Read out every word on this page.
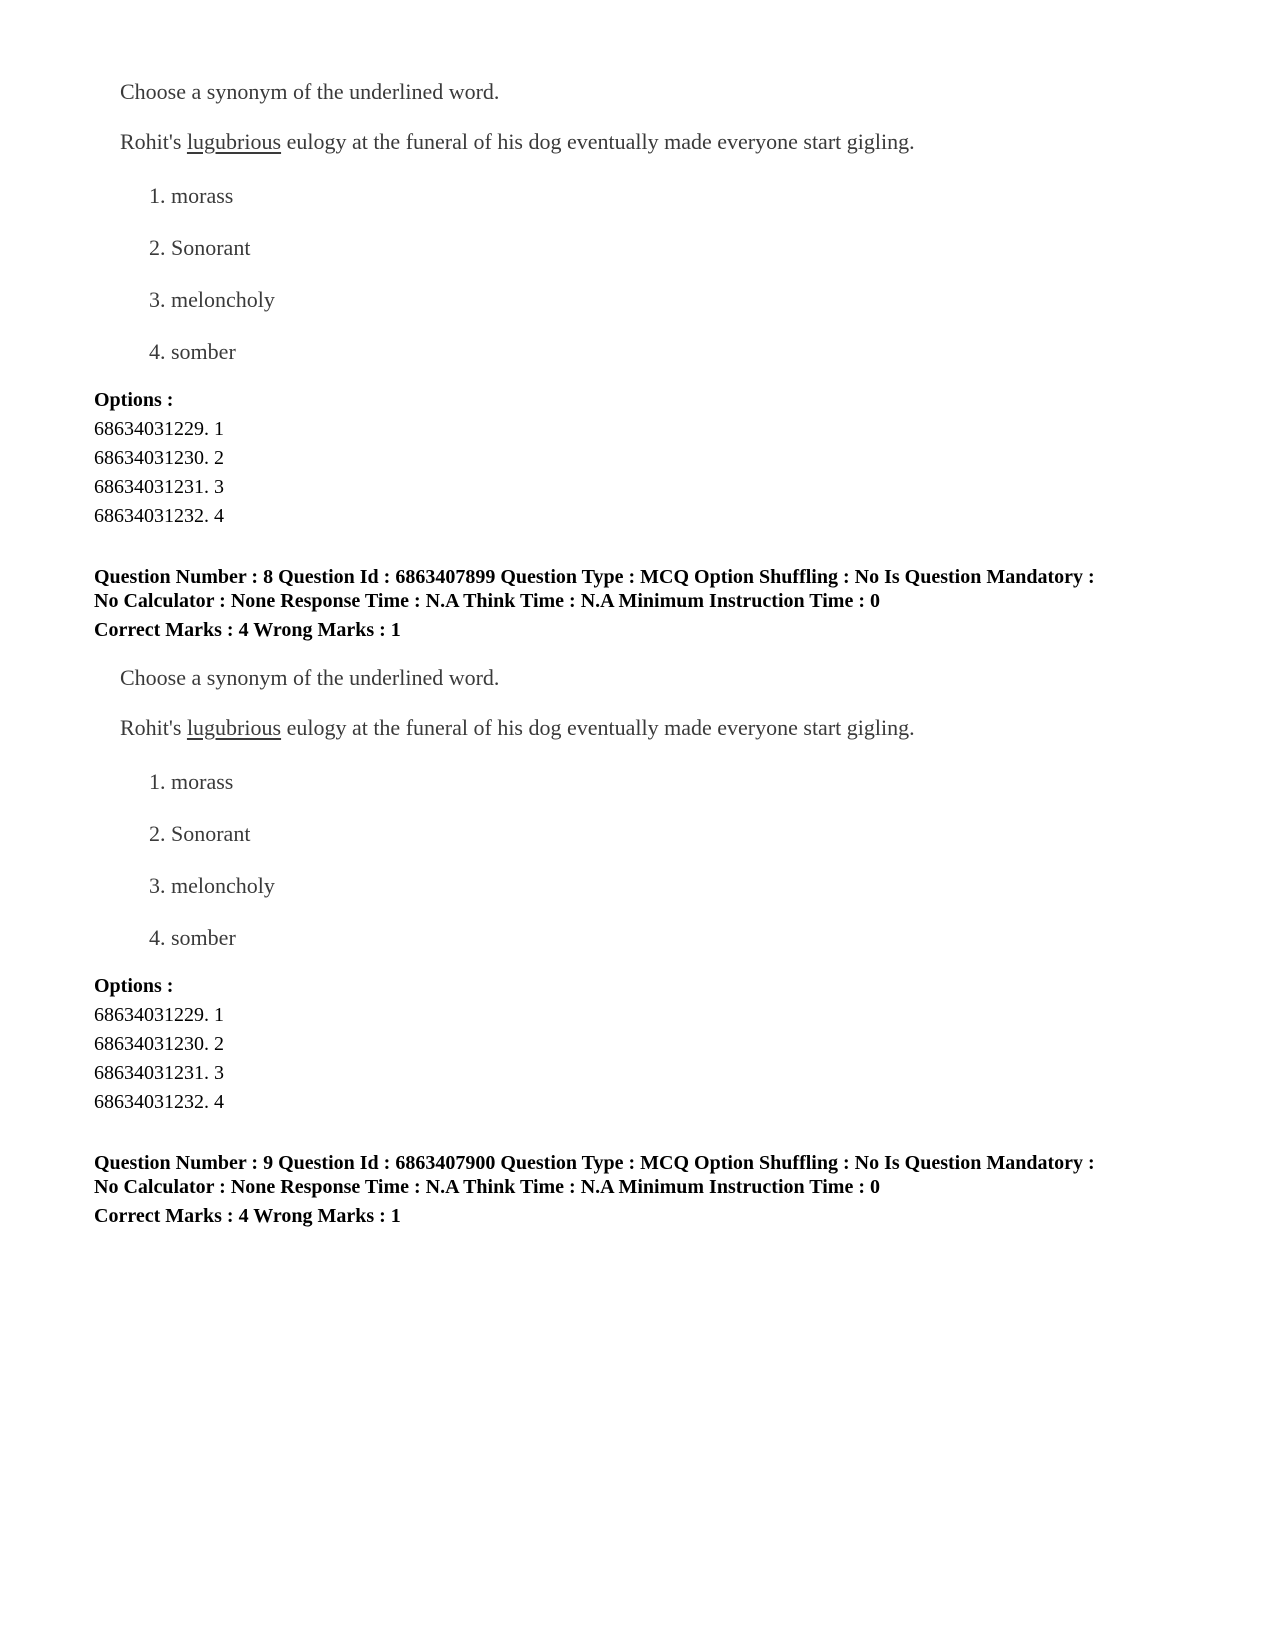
Choose a synonym of the underlined word.
Rohit's lugubrious eulogy at the funeral of his dog eventually made everyone start gigling.
1. morass
2. Sonorant
3. meloncholy
4. somber
Options :
68634031229. 1
68634031230. 2
68634031231. 3
68634031232. 4
Question Number : 8 Question Id : 6863407899 Question Type : MCQ Option Shuffling : No Is Question Mandatory :
No Calculator : None Response Time : N.A Think Time : N.A Minimum Instruction Time : 0
Correct Marks : 4 Wrong Marks : 1
Choose a synonym of the underlined word.
Rohit's lugubrious eulogy at the funeral of his dog eventually made everyone start gigling.
1. morass
2. Sonorant
3. meloncholy
4. somber
Options :
68634031229. 1
68634031230. 2
68634031231. 3
68634031232. 4
Question Number : 9 Question Id : 6863407900 Question Type : MCQ Option Shuffling : No Is Question Mandatory :
No Calculator : None Response Time : N.A Think Time : N.A Minimum Instruction Time : 0
Correct Marks : 4 Wrong Marks : 1
